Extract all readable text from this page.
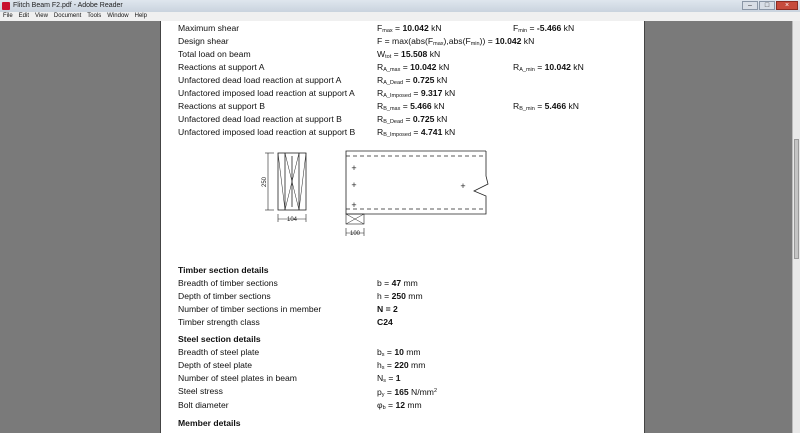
Flitch Beam F2.pdf - Adobe Reader	–	□	×
File	Edit	View	Document	Tools	Window	Help
Maximum shear	Fmax = 10.042 kN	Fmin = -5.466 kN
Design shear	F = max(abs(Fmax),abs(Fmin)) = 10.042 kN
Total load on beam	Wtot = 15.508 kN
Reactions at support A	RA_max = 10.042 kN	RA_min = 10.042 kN
Unfactored dead load reaction at support A	RA_Dead = 0.725 kN
Unfactored imposed load reaction at support A	RA_Imposed = 9.317 kN
Reactions at support B	RB_max = 5.466 kN	RB_min = 5.466 kN
Unfactored dead load reaction at support B	RB_Dead = 0.725 kN
Unfactored imposed load reaction at support B	RB_Imposed = 4.741 kN
250
104
+
+
+
+
100
Timber section details
Breadth of timber sections	b = 47 mm
Depth of timber sections	h = 250 mm
Number of timber sections in member	N = 2
Timber strength class	C24
Steel section details
Breadth of steel plate	bs = 10 mm
Depth of steel plate	hs = 220 mm
Number of steel plates in beam	Ns = 1
Steel stress	py = 165 $N/mm^2$
Bolt diameter	φb = 12 mm
Member details
